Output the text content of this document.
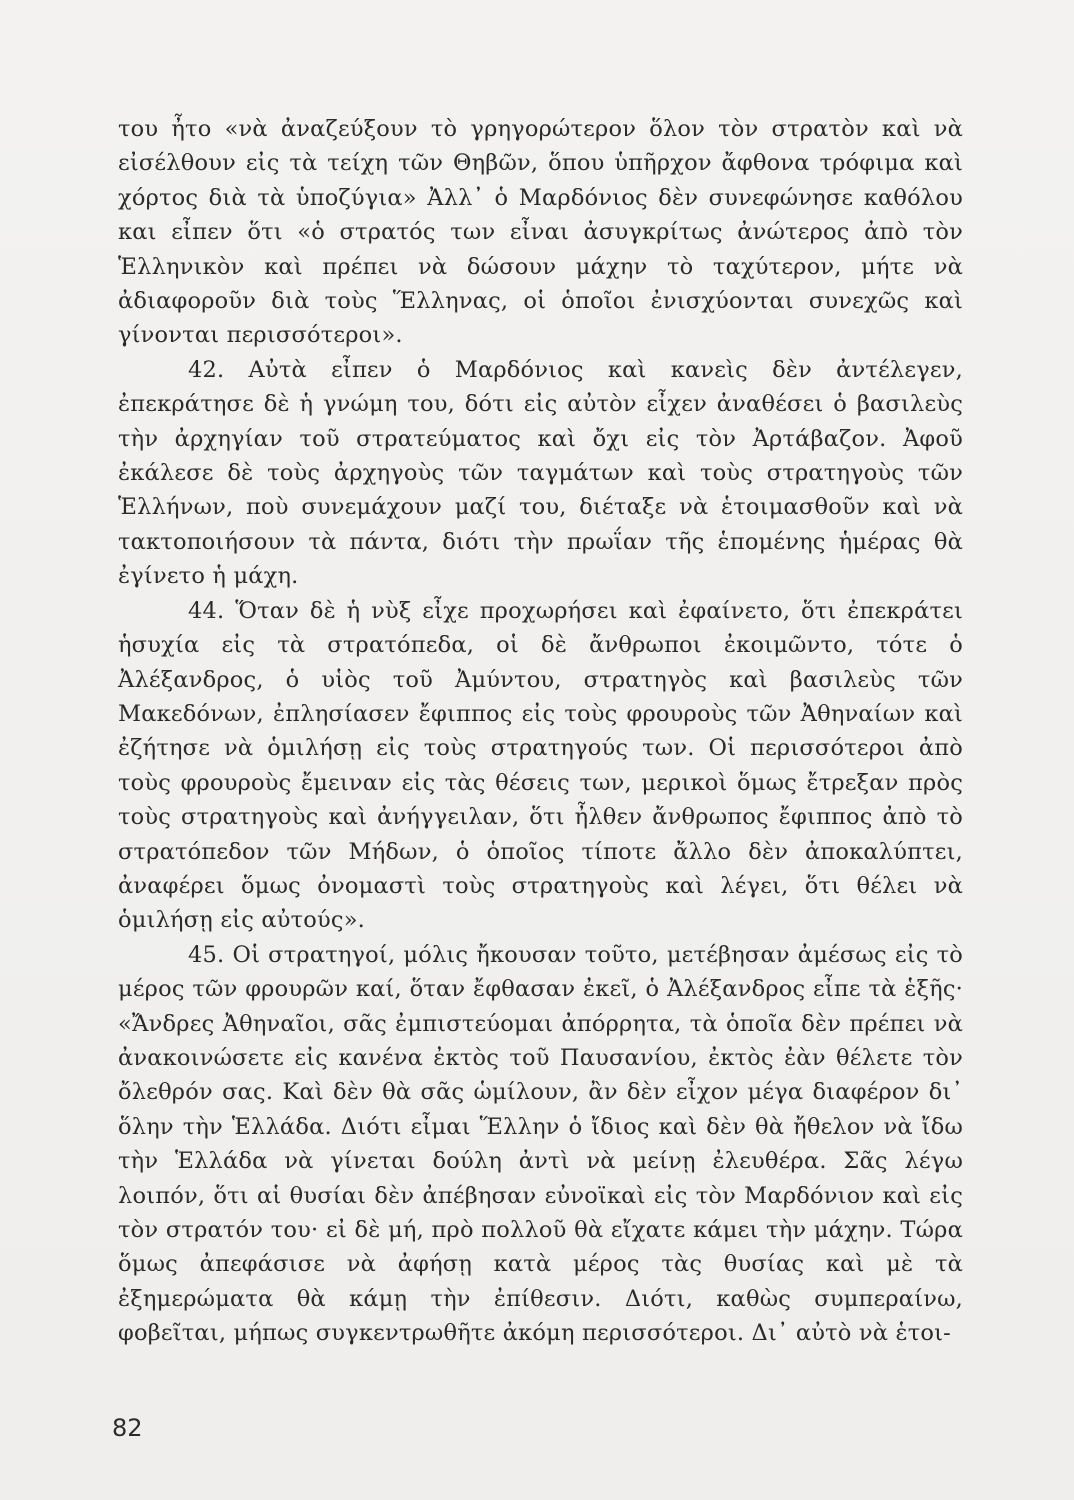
του ἦτο «νὰ ἀναζεύξουν τὸ γρηγορώτερον ὅλον τὸν στρατὸν καὶ νὰ εἰσέλθουν εἰς τὰ τείχη τῶν Θηβῶν, ὅπου ὑπῆρχον ἄφθονα τρόφιμα καὶ χόρτος διὰ τὰ ὑποζύγια» Ἀλλ᾽ ὁ Μαρδόνιος δὲν συνεφώνησε καθόλου και εἶπεν ὅτι «ὁ στρατός των εἶναι ἀσυγκρίτως ἀνώτερος ἀπὸ τὸν Ἑλληνικὸν καὶ πρέπει νὰ δώσουν μάχην τὸ ταχύτερον, μήτε νὰ ἀδιαφοροῦν διὰ τοὺς Ἕλληνας, οἱ ὁποῖοι ἐνισχύονται συνεχῶς καὶ γίνονται περισσότεροι».

42. Αὐτὰ εἶπεν ὁ Μαρδόνιος καὶ κανεὶς δὲν ἀντέλεγεν, ἐπεκράτησε δὲ ἡ γνώμη του, δότι εἰς αὐτὸν εἶχεν ἀναθέσει ὁ βασιλεὺς τὴν ἀρχηγίαν τοῦ στρατεύματος καὶ ὄχι εἰς τὸν Ἀρτάβαζον. Ἀφοῦ ἐκάλεσε δὲ τοὺς ἀρχηγοὺς τῶν ταγμάτων καὶ τοὺς στρατηγοὺς τῶν Ἑλλήνων, ποὺ συνεμάχουν μαζί του, διέταξε νὰ ἑτοιμασθοῦν καὶ νὰ τακτοποιήσουν τὰ πάντα, διότι τὴν πρωΐαν τῆς ἑπομένης ἡμέρας θὰ ἐγίνετο ἡ μάχη.

44. Ὅταν δὲ ἡ νὺξ εἶχε προχωρήσει καὶ ἐφαίνετο, ὅτι ἐπεκράτει ἡσυχία εἰς τὰ στρατόπεδα, οἱ δὲ ἄνθρωποι ἐκοιμῶντο, τότε ὁ Ἀλέξανδρος, ὁ υἱὸς τοῦ Ἀμύντου, στρατηγὸς καὶ βασιλεὺς τῶν Μακεδόνων, ἐπλησίασεν ἔφιππος εἰς τοὺς φρουροὺς τῶν Ἀθηναίων καὶ ἐζήτησε νὰ ὁμιλήσῃ εἰς τοὺς στρατηγούς των. Οἱ περισσότεροι ἀπὸ τοὺς φρουροὺς ἔμειναν εἰς τὰς θέσεις των, μερικοὶ ὅμως ἔτρεξαν πρὸς τοὺς στρατηγοὺς καὶ ἀνήγγειλαν, ὅτι ἦλθεν ἄνθρωπος ἔφιππος ἀπὸ τὸ στρατόπεδον τῶν Μήδων, ὁ ὁποῖος τίποτε ἄλλο δὲν ἀποκαλύπτει, ἀναφέρει ὅμως ὀνομαστὶ τοὺς στρατηγοὺς καὶ λέγει, ὅτι θέλει νὰ ὁμιλήσῃ εἰς αὐτούς».

45. Οἱ στρατηγοί, μόλις ἤκουσαν τοῦτο, μετέβησαν ἀμέσως εἰς τὸ μέρος τῶν φρουρῶν καί, ὅταν ἔφθασαν ἐκεῖ, ὁ Ἀλέξανδρος εἶπε τὰ ἑξῆς· «Ἄνδρες Ἀθηναῖοι, σᾶς ἐμπιστεύομαι ἀπόρρητα, τὰ ὁποῖα δὲν πρέπει νὰ ἀνακοινώσετε εἰς κανένα ἐκτὸς τοῦ Παυσανίου, ἐκτὸς ἐὰν θέλετε τὸν ὄλεθρόν σας. Καὶ δὲν θὰ σᾶς ὡμίλουν, ἂν δὲν εἶχον μέγα διαφέρον δι᾽ ὅλην τὴν Ἑλλάδα. Διότι εἶμαι Ἕλλην ὁ ἴδιος καὶ δὲν θὰ ἤθελον νὰ ἴδω τὴν Ἑλλάδα νὰ γίνεται δούλη ἀντὶ νὰ μείνῃ ἐλευθέρα. Σᾶς λέγω λοιπόν, ὅτι αἱ θυσίαι δὲν ἀπέβησαν εὐνοϊκαὶ εἰς τὸν Μαρδόνιον καὶ εἰς τὸν στρατόν του· εἰ δὲ μή, πρὸ πολλοῦ θὰ εἴχατε κάμει τὴν μάχην. Τώρα ὅμως ἀπεφάσισε νὰ ἀφήσῃ κατὰ μέρος τὰς θυσίας καὶ μὲ τὰ ἐξημερώματα θὰ κάμῃ τὴν ἐπίθεσιν. Διότι, καθὼς συμπεραίνω, φοβεῖται, μήπως συγκεντρωθῆτε ἀκόμη περισσότεροι. Δι᾽ αὐτὸ νὰ ἑτοι-

82
